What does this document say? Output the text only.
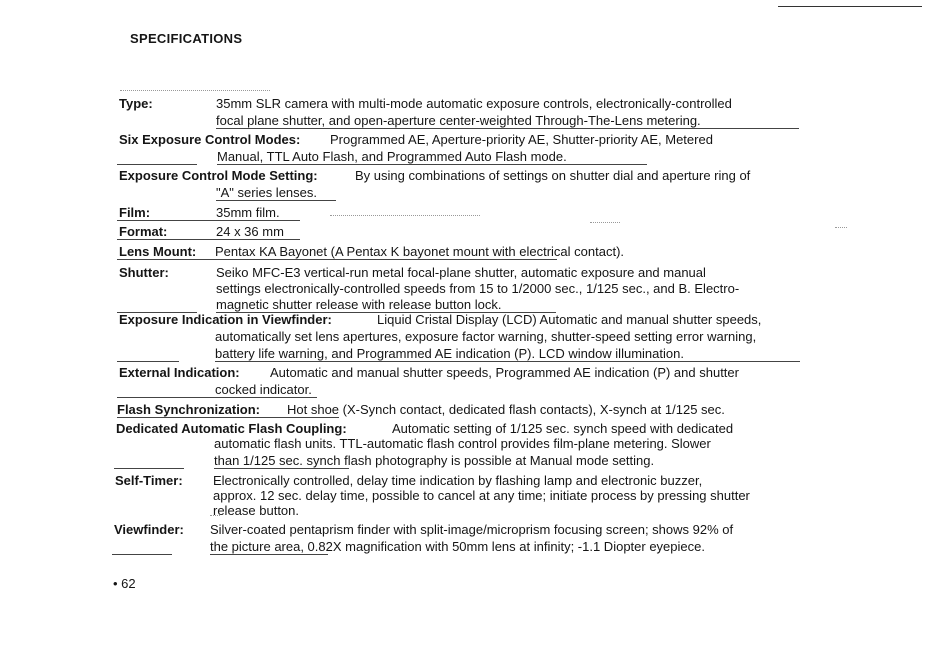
SPECIFICATIONS
Type:	35mm SLR camera with multi-mode automatic exposure controls, electronically-controlled
focal plane shutter, and open-aperture center-weighted Through-The-Lens metering.
Six Exposure Control Modes: Programmed AE, Aperture-priority AE, Shutter-priority AE, Metered
Manual, TTL Auto Flash, and Programmed Auto Flash mode.
Exposure Control Mode Setting:	By using combinations of settings on shutter dial and aperture ring of
"A" series lenses.
Film:	35mm film.
Format:	24 x 36 mm
Lens Mount: Pentax KA Bayonet (A Pentax K bayonet mount with electrical contact).
Shutter:	Seiko MFC-E3 vertical-run metal focal-plane shutter, automatic exposure and manual
settings electronically-controlled speeds from 15 to 1/2000 sec., 1/125 sec., and B. Electro-
magnetic shutter release with release button lock.
Exposure Indication in Viewfinder:	Liquid Cristal Display (LCD) Automatic and manual shutter speeds,
automatically set lens apertures, exposure factor warning, shutter-speed setting error warning,
battery life warning, and Programmed AE indication (P). LCD window illumination.
External Indication: Automatic and manual shutter speeds, Programmed AE indication (P) and shutter
cocked indicator.
Flash Synchronization: Hot shoe (X-Synch contact, dedicated flash contacts), X-synch at 1/125 sec.
Dedicated Automatic Flash Coupling:	Automatic setting of 1/125 sec. synch speed with dedicated
automatic flash units. TTL-automatic flash control provides film-plane metering. Slower
than 1/125 sec. synch flash photography is possible at Manual mode setting.
Self-Timer: Electronically controlled, delay time indication by flashing lamp and electronic buzzer,
approx. 12 sec. delay time, possible to cancel at any time; initiate process by pressing shutter
release button.
Viewfinder: Silver-coated pentaprism finder with split-image/microprism focusing screen; shows 92% of
the picture area, 0.82X magnification with 50mm lens at infinity; -1.1 Diopter eyepiece.
• 62
